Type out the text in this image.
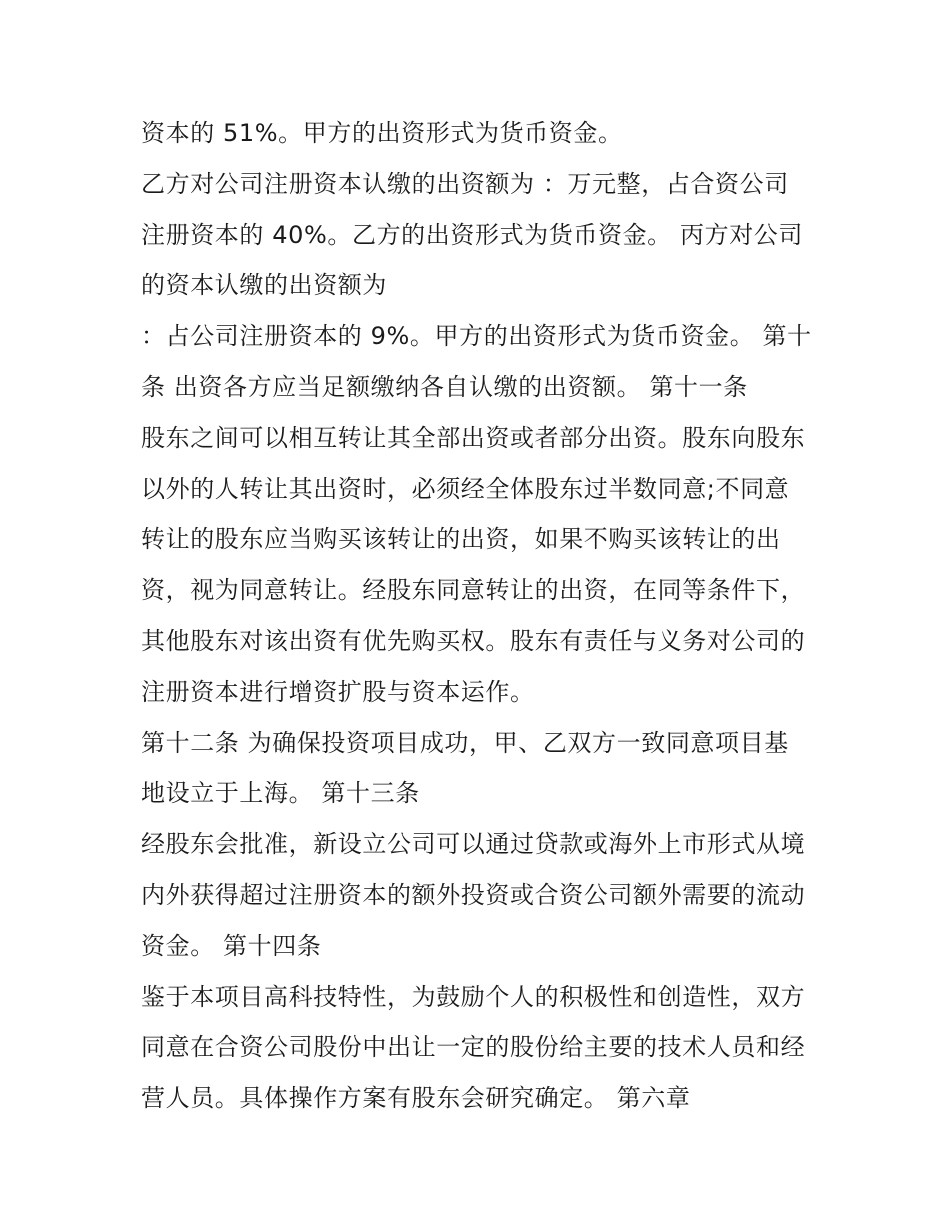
资本的 51%。甲方的出资形式为货币资金。
乙方对公司注册资本认缴的出资额为 ：万元整，占合资公司
注册资本的 40%。乙方的出资形式为货币资金。 丙方对公司
的资本认缴的出资额为
：占公司注册资本的 9%。甲方的出资形式为货币资金。 第十
条 出资各方应当足额缴纳各自认缴的出资额。 第十一条
股东之间可以相互转让其全部出资或者部分出资。股东向股东
以外的人转让其出资时，必须经全体股东过半数同意;不同意
转让的股东应当购买该转让的出资，如果不购买该转让的出
资，视为同意转让。经股东同意转让的出资，在同等条件下，
其他股东对该出资有优先购买权。股东有责任与义务对公司的
注册资本进行增资扩股与资本运作。
第十二条 为确保投资项目成功，甲、乙双方一致同意项目基
地设立于上海。 第十三条
经股东会批准，新设立公司可以通过贷款或海外上市形式从境
内外获得超过注册资本的额外投资或合资公司额外需要的流动
资金。 第十四条
鉴于本项目高科技特性，为鼓励个人的积极性和创造性，双方
同意在合资公司股份中出让一定的股份给主要的技术人员和经
营人员。具体操作方案有股东会研究确定。 第六章
